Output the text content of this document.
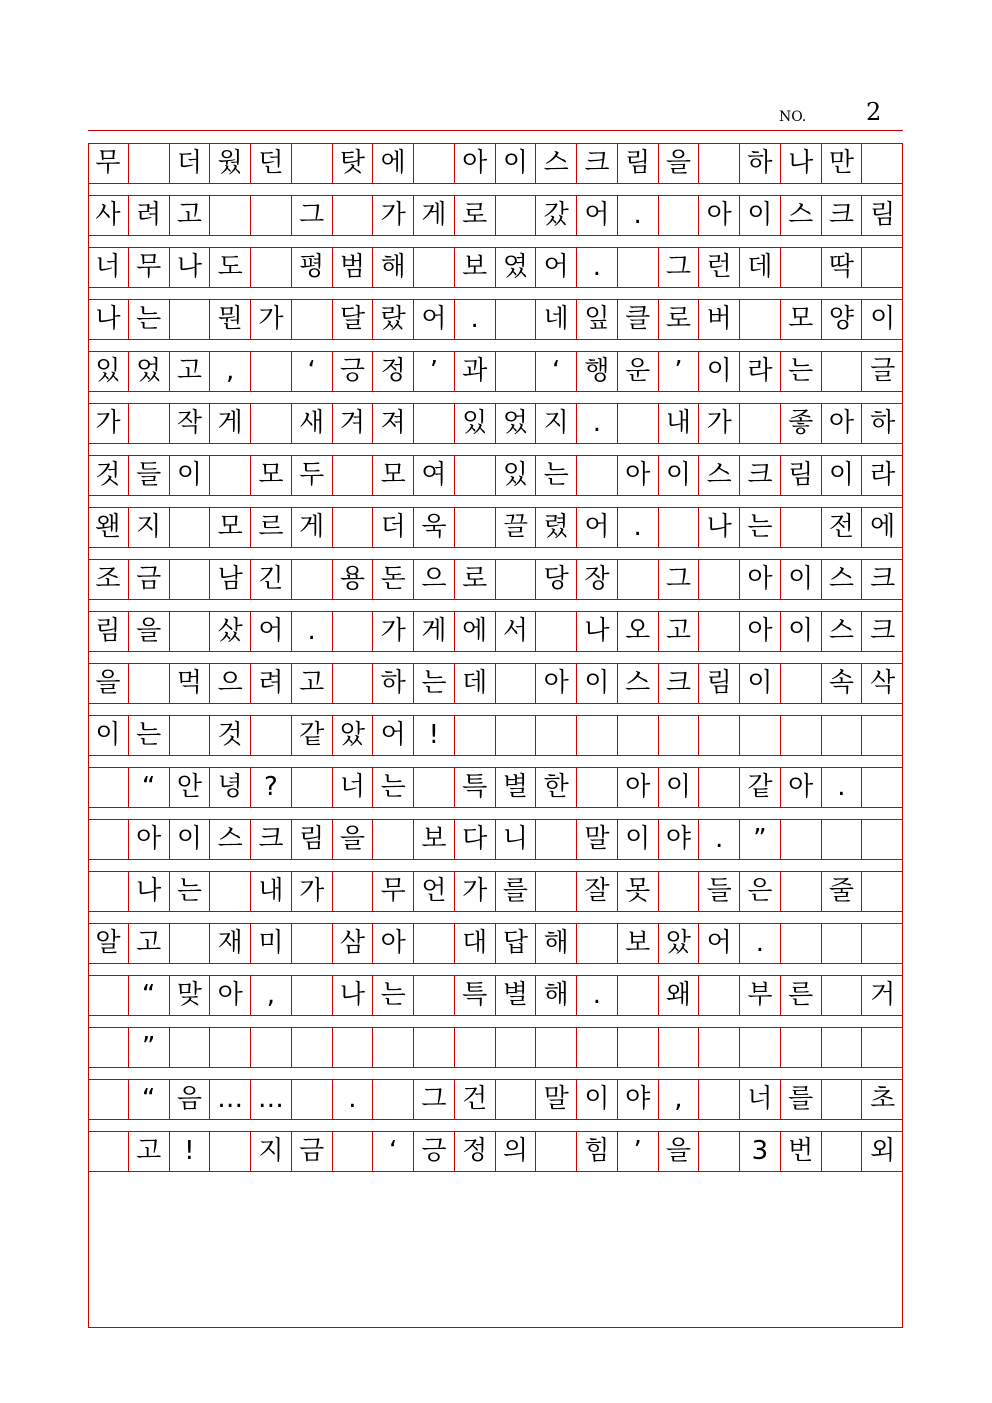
NO. 2
무	더 웠 던	탓 에	아 이 스 크 림 을	하 나 만
사 려 고	그	가 게 로	갔 어 .	아 이 스 크 림
너 무 나 도	평 범 해	보 였 어 .	그 런 데	딱
나 는	뭔 가	달 랐 어 .	네 잎 클 로 버	모 양 이
있 었 고 ,	‘ 긍 정 ’ 과	‘ 행 운 ’ 이 라 는	글
가	작 게	새 겨 져	있 었 지 .	내 가	좋 아 하
것 들 이	모 두	모 여	있 는	아 이 스 크 림 이 라
왠 지	모 르 게	더 욱	끌 렸 어 .	나 는	전 에
조 금	남 긴	용 돈 으 로	당 장	그	아 이 스 크
림 을	샀 어 .	가 게 에 서	나 오 고	아 이 스 크
을	먹 으 려 고	하 는 데	아 이 스 크 림 이	속 삭
이 는	것	같 았 어 !
“ 안 녕 ?	너 는	특 별 한	아 이	같 아 .
아 이 스 크 림 을	보 다 니	말 이 야 .	”
나 는	내 가	무 언 가 를	잘 못	들 은	줄
알 고	재 미	삼 아	대 답 해	보 았 어 .
“ 맞 아 ,	나 는	특 별 해 .	왜	부 른	거
”
“ 음 … …	.	그 건	말 이 야 ,	너 를	초
고 !	지 금	‘ 긍 정 의	힘 ’ 을	3 번	외
